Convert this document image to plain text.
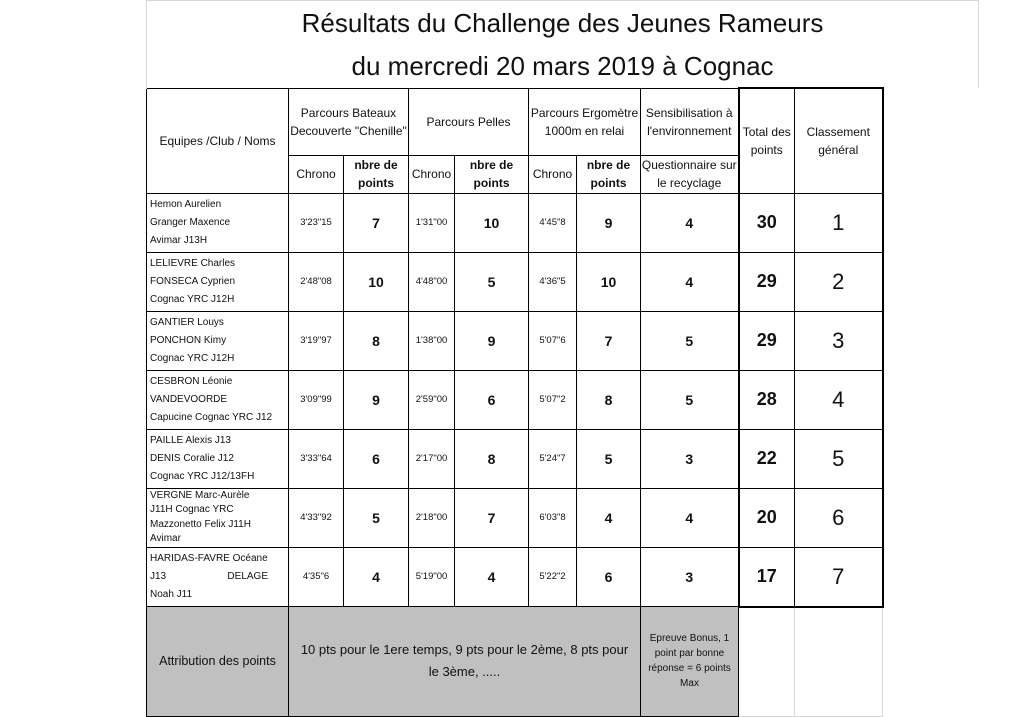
Résultats du Challenge des Jeunes Rameurs									
du mercredi 20 mars 2019 à Cognac									
Equipes /Club / Noms	Parcours Bateaux Decouverte "Chenille"		Parcours Pelles		Parcours Ergomètre 1000m en relai		Sensibilisation à l'environnement	Total des points	Classement général
	Chrono	nbre de points	Chrono	nbre de points	Chrono	nbre de points	Questionnaire sur le recyclage		

Hemon Aurelien
Granger Maxence
Avimar J13H	3'23"15	7	1'31"00	10	4'45"8	9	4	30	1

LELIEVRE Charles
FONSECA Cyprien
Cognac YRC J12H	2'48"08	10	4'48"00	5	4'36"5	10	4	29	2

GANTIER Louys
PONCHON Kimy
Cognac YRC J12H	3'19"97	8	1'38"00	9	5'07"6	7	5	29	3

CESBRON Léonie
VANDEVOORDE
Capucine Cognac YRC J12	3'09"99	9	2'59"00	6	5'07"2	8	5	28	4

PAILLE Alexis J13
DENIS Coralie J12
Cognac YRC J12/13FH	3'33"64	6	2'17"00	8	5'24"7	5	3	22	5

VERGNE Marc-Aurèle
J11H Cognac YRC
Mazzonetto Felix J11H
Avimar	4'33"92	5	2'18"00	7	6'03"8	4	4	20	6

HARIDAS-FAVRE Océane
J13 DELAGE
Noah J11	4'35"6	4	5'19"00	4	5'22"2	6	3	17	7
Attribution des points	10 pts pour le 1ere temps, 9 pts pour le 2ème, 8 pts pour le 3ème, .....						Epreuve Bonus, 1 point par bonne réponse = 6 points Max		
